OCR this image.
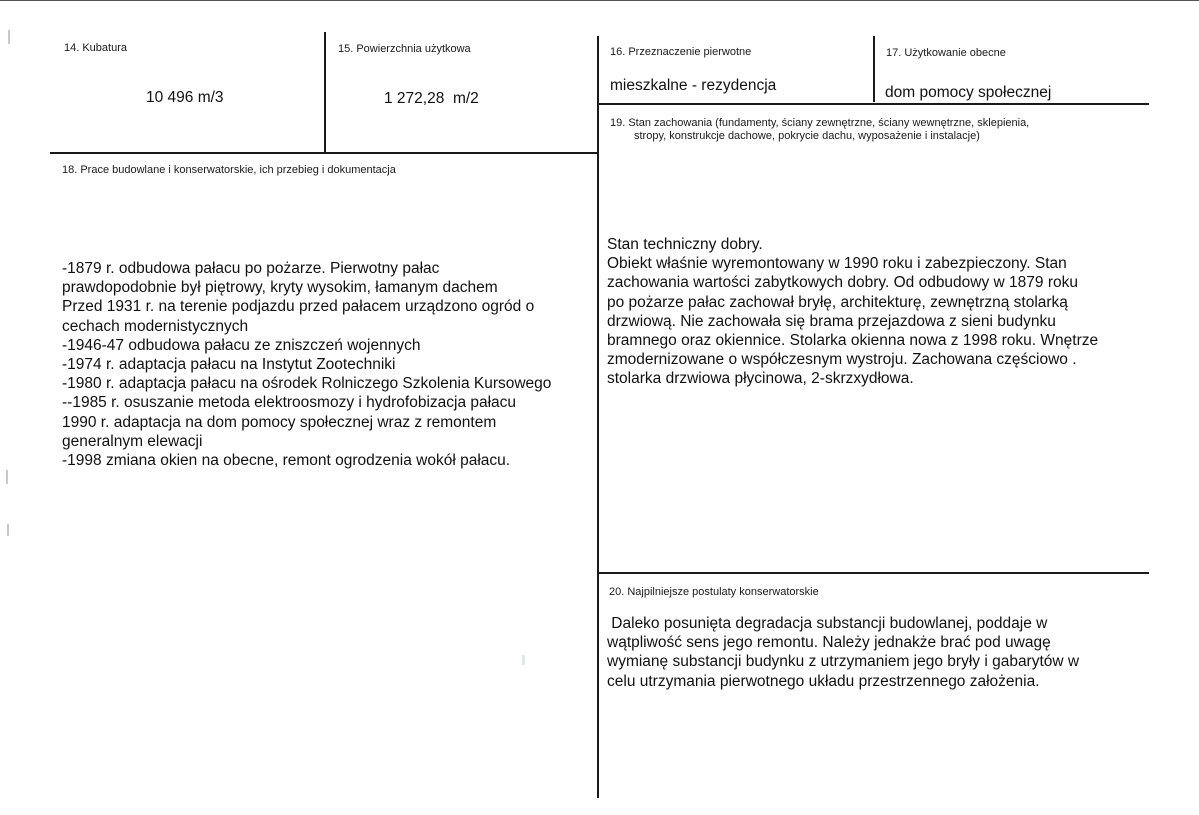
14. Kubatura
10 496 m/3
15. Powierzchnia użytkowa
1 272,28  m/2
16. Przeznaczenie pierwotne
mieszkalne - rezydencja
17. Użytkowanie obecne
dom pomocy społecznej
18. Prace budowlane i konserwatorskie, ich przebieg i dokumentacja
-1879 r. odbudowa pałacu po pożarze. Pierwotny pałac
prawdopodobnie był piętrowy, kryty wysokim, łamanym dachem
Przed 1931 r. na terenie podjazdu przed pałacem urządzono ogród o
cechach modernistycznych
-1946-47 odbudowa pałacu ze zniszczeń wojennych
-1974 r. adaptacja pałacu na Instytut Zootechniki
-1980 r. adaptacja pałacu na ośrodek Rolniczego Szkolenia Kursowego
--1985 r. osuszanie metoda elektroosmozy i hydrofobizacja pałacu
1990 r. adaptacja na dom pomocy społecznej wraz z remontem
generalnym elewacji
-1998 zmiana okien na obecne, remont ogrodzenia wokół pałacu.
19. Stan zachowania (fundamenty, ściany zewnętrzne, ściany wewnętrzne, sklepienia,
stropy, konstrukcje dachowe, pokrycie dachu, wyposażenie i instalacje)
Stan techniczny dobry.
Obiekt właśnie wyremontowany w 1990 roku i zabezpieczony. Stan
zachowania wartości zabytkowych dobry. Od odbudowy w 1879 roku
po pożarze pałac zachował bryłę, architekturę, zewnętrzną stolarką
drzwiową. Nie zachowała się brama przejazdowa z sieni budynku
bramnego oraz okiennice. Stolarka okienna nowa z 1998 roku. Wnętrze
zmodernizowane o współczesnym wystroju. Zachowana częściowo .
stolarka drzwiowa płycinowa, 2-skrzxydłowa.
20. Najpilniejsze postulaty konserwatorskie
Daleko posunięta degradacja substancji budowlanej, poddaje w
wątpliwość sens jego remontu. Należy jednakże brać pod uwagę
wymianę substancji budynku z utrzymaniem jego bryły i gabarytów w
celu utrzymania pierwotnego układu przestrzennego założenia.
